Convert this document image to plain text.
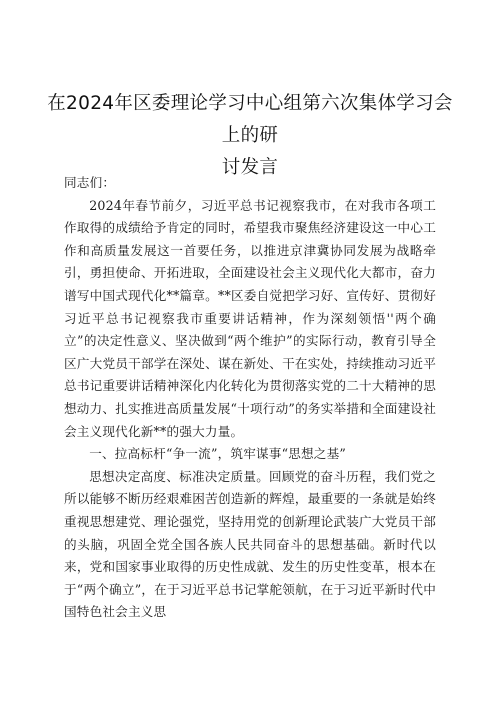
在2024年区委理论学习中心组第六次集体学习会上的研
讨发言

同志们：

2024年春节前夕，习近平总书记视察我市，在对我市各项工作取得的成绩给予肯定的同时，希望我市聚焦经济建设这一中心工作和高质量发展这一首要任务，以推进京津冀协同发展为战略牵引，勇担使命、开拓进取，全面建设社会主义现代化大都市，奋力谱写中国式现代化**篇章。**区委自觉把学习好、宣传好、贯彻好习近平总书记视察我市重要讲话精神，作为深刻领悟''两个确立”的决定性意义、坚决做到“两个维护”的实际行动，教育引导全区广大党员干部学在深处、谋在新处、干在实处，持续推动习近平总书记重要讲话精神深化内化转化为贯彻落实党的二十大精神的思想动力、扎实推进高质量发展“十项行动”的务实举措和全面建设社会主义现代化新**的强大力量。

一、拉高标杆“争一流”，筑牢谋事“思想之基”

思想决定高度、标准决定质量。回顾党的奋斗历程，我们党之所以能够不断历经艰难困苦创造新的辉煌，最重要的一条就是始终重视思想建党、理论强党，坚持用党的创新理论武装广大党员干部的头脑，巩固全党全国各族人民共同奋斗的思想基础。新时代以来，党和国家事业取得的历史性成就、发生的历史性变革，根本在于“两个确立”，在于习近平总书记掌舵领航，在于习近平新时代中国特色社会主义思
